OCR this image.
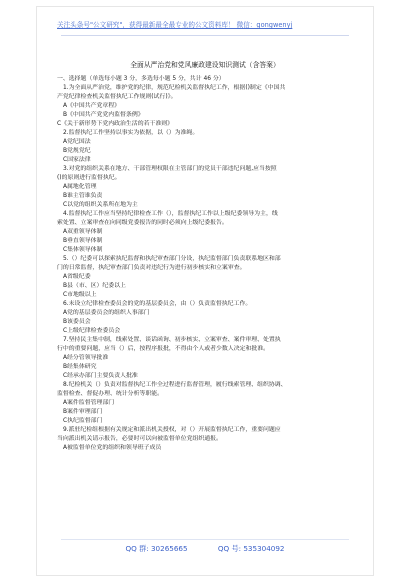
关注头条号"公文研究"，获得最新最全最专业的公文资料库！ 微信：gongwenyj
全面从严治党和党风廉政建设知识测试（含答案）
一、选择题（单选每小题 3 分，多选每小题 5 分，共计 46 分）
1.为全面从严治党，维护党的纪律，规范纪检机关监督执纪工作，根据()制定《中国共
产党纪律检查机关监督执纪工作规则(试行)》。
A《中国共产党章程》
B《中国共产党党内监督条例》
C《关于新形势下党内政治生活的若干准则》
2.监督执纪工作坚持以事实为依据，以（）为准绳。
A党纪国法
B党规党纪
C国家法律
3.对党的组织关系在地方、干部管理权限在主管部门的党员干部违纪问题,应当按照
()的原则进行监督执纪。
A属地化管理
B谁主管谁负责
C以党的组织关系所在地为主
4.监督执纪工作应当坚持纪律检查工作（），监督执纪工作以上级纪委领导为主，线
索处置、立案审查在向同级党委报告的同时必须向上级纪委报告。
A双重领导体制
B垂直领导体制
C集体领导体制
5.（）纪委可以探索执纪监督和执纪审查部门分设，执纪监督部门负责联系地区和部
门的日常监督，执纪审查部门负责对违纪行为进行初步核实和立案审查。
A省级纪委
B县（市、区）纪委以上
C市地级以上
6.未设立纪律检查委员会的党的基层委员会，由（）负责监督执纪工作。
A党的基层委员会的组织人事部门
B该委员会
C上级纪律检查委员会
7.坚持民主集中制，线索处置、谈话函询、初步核实、立案审查、案件审理、处置执
行中的重要问题，应当（）后，按程序报批，不得由个人或者少数人决定和批准。
A经分管领导批准
B经集体研究
C经承办部门主要负责人批准
8.纪检机关（）负责对监督执纪工作全过程进行监督管理，履行线索管理、组织协调、
监督检查、督促办理、统计分析等职能。
A案件监督管理部门
B案件审理部门
C执纪监督部门
9.派驻纪检组根据有关规定和派出机关授权，对（）开展监督执纪工作，重要问题应
当向派出机关请示报告，必要时可以向被监督单位党组织通报。
A被监督单位党的组织和领导班子成员
QQ 群: 30265665	QQ 号: 535304092
